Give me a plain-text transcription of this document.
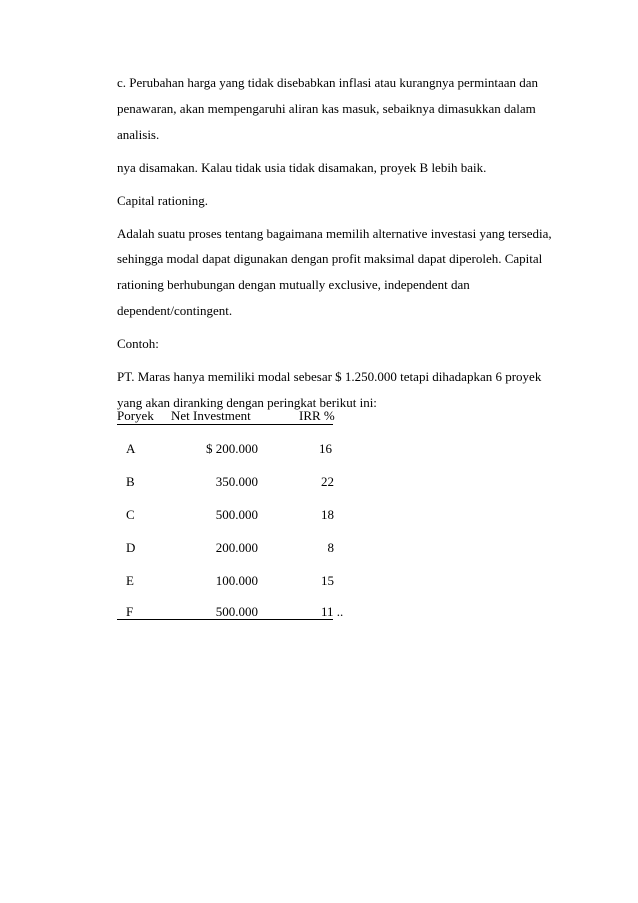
c. Perubahan harga yang tidak disebabkan inflasi atau kurangnya permintaan dan
penawaran, akan mempengaruhi aliran kas masuk, sebaiknya dimasukkan dalam
analisis.
nya disamakan. Kalau tidak usia tidak disamakan, proyek B lebih baik.
Capital rationing.
Adalah suatu proses tentang bagaimana memilih alternative investasi yang tersedia,
sehingga modal dapat digunakan dengan profit maksimal dapat diperoleh. Capital
rationing berhubungan dengan mutually exclusive, independent dan
dependent/contingent.
Contoh:
PT. Maras hanya memiliki modal sebesar $ 1.250.000 tetapi dihadapkan 6 proyek
yang akan diranking dengan peringkat berikut ini:
Poryek Net Investment	IRR %
A	$ 200.000	16
B	350.000	22
C	500.000	18
D	200.000	8
E	100.000	15
F	500.000	11 ..
